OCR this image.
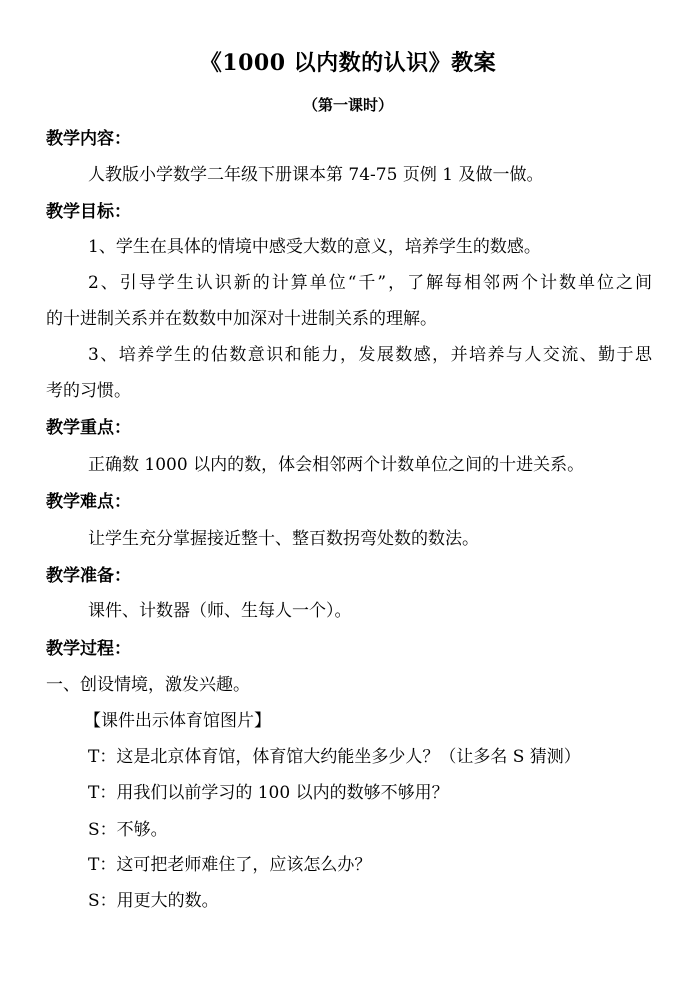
《1000 以内数的认识》教案
（第一课时）
教学内容：
人教版小学数学二年级下册课本第 74-75 页例 1 及做一做。
教学目标：
1、学生在具体的情境中感受大数的意义，培养学生的数感。
2、引导学生认识新的计算单位“千”，了解每相邻两个计数单位之间
的十进制关系并在数数中加深对十进制关系的理解。
3、培养学生的估数意识和能力，发展数感，并培养与人交流、勤于思
考的习惯。
教学重点：
正确数 1000 以内的数，体会相邻两个计数单位之间的十进关系。
教学难点：
让学生充分掌握接近整十、整百数拐弯处数的数法。
教学准备：
课件、计数器（师、生每人一个）。
教学过程：
一、创设情境，激发兴趣。
【课件出示体育馆图片】
T：这是北京体育馆，体育馆大约能坐多少人？（让多名 S 猜测）
T：用我们以前学习的 100 以内的数够不够用？
S：不够。
T：这可把老师难住了，应该怎么办？
S：用更大的数。
